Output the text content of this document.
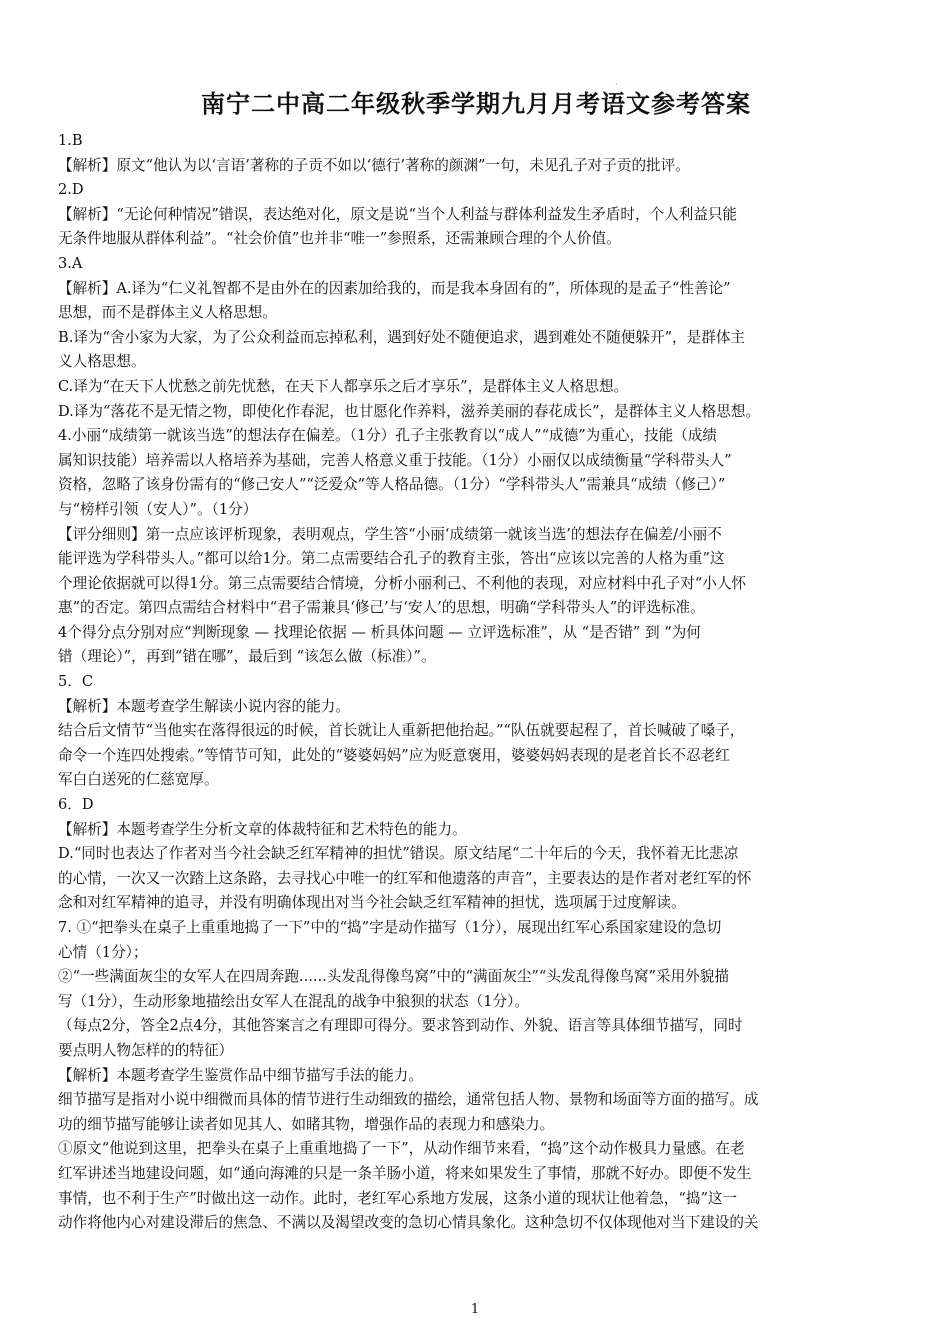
·
南宁二中高二年级秋季学期九月月考语文参考答案
1.B
【解析】原文“他认为以‘言语’著称的子贡不如以‘德行’著称的颜渊”一句，未见孔子对子贡的批评。
2.D
【解析】“无论何种情况”错误，表达绝对化，原文是说“当个人利益与群体利益发生矛盾时，个人利益只能
无条件地服从群体利益”。“社会价值”也并非“唯一”参照系，还需兼顾合理的个人价值。
3.A
【解析】A.译为“仁义礼智都不是由外在的因素加给我的，而是我本身固有的”，所体现的是孟子“性善论”
思想，而不是群体主义人格思想。
B.译为“舍小家为大家，为了公众利益而忘掉私利，遇到好处不随便追求，遇到难处不随便躲开”，是群体主
义人格思想。
C.译为“在天下人忧愁之前先忧愁，在天下人都享乐之后才享乐”，是群体主义人格思想。
D.译为“落花不是无情之物，即使化作春泥，也甘愿化作养料，滋养美丽的春花成长”，是群体主义人格思想。
4.小丽“成绩第一就该当选”的想法存在偏差。（1分）孔子主张教育以“成人”“成德”为重心，技能（成绩
属知识技能）培养需以人格培养为基础，完善人格意义重于技能。（1分）小丽仅以成绩衡量“学科带头人”
资格，忽略了该身份需有的“修己安人”“泛爱众”等人格品德。（1分）“学科带头人”需兼具“成绩（修己）”
与“榜样引领（安人）”。（1分）
【评分细则】第一点应该评析现象，表明观点，学生答“小丽‘成绩第一就该当选’的想法存在偏差/小丽不
能评选为学科带头人。”都可以给1分。第二点需要结合孔子的教育主张，答出“应该以完善的人格为重”这
个理论依据就可以得1分。第三点需要结合情境，分析小丽利己、不利他的表现，对应材料中孔子对“小人怀
惠”的否定。第四点需结合材料中“君子需兼具‘修己’与‘安人’的思想，明确“学科带头人”的评选标准。
4个得分点分别对应“判断现象 — 找理论依据 — 析具体问题 — 立评选标准”，从 “是否错” 到 “为何
错（理论）”，再到“错在哪”，最后到 “该怎么做（标准）”。
5．C
【解析】本题考查学生解读小说内容的能力。
结合后文情节“当他实在落得很远的时候，首长就让人重新把他抬起。”“队伍就要起程了，首长喊破了嗓子，
命令一个连四处搜索。”等情节可知，此处的“婆婆妈妈”应为贬意褒用，婆婆妈妈表现的是老首长不忍老红
军白白送死的仁慈宽厚。
6．D
【解析】本题考查学生分析文章的体裁特征和艺术特色的能力。
D.“同时也表达了作者对当今社会缺乏红军精神的担忧”错误。原文结尾“二十年后的今天，我怀着无比悲凉
的心情，一次又一次踏上这条路，去寻找心中唯一的红军和他遗落的声音”，主要表达的是作者对老红军的怀
念和对红军精神的追寻，并没有明确体现出对当今社会缺乏红军精神的担忧，选项属于过度解读。
7. ①“把拳头在桌子上重重地捣了一下”中的“捣”字是动作描写（1分），展现出红军心系国家建设的急切
心情（1分）；
②“一些满面灰尘的女军人在四周奔跑......头发乱得像鸟窝”中的“满面灰尘”“头发乱得像鸟窝”采用外貌描
写（1分），生动形象地描绘出女军人在混乱的战争中狼狈的状态（1分）。
（每点2分，答全2点4分，其他答案言之有理即可得分。要求答到动作、外貌、语言等具体细节描写，同时
要点明人物怎样的的特征）
【解析】本题考查学生鉴赏作品中细节描写手法的能力。
细节描写是指对小说中细微而具体的情节进行生动细致的描绘，通常包括人物、景物和场面等方面的描写。成
功的细节描写能够让读者如见其人、如睹其物，增强作品的表现力和感染力。
①原文“他说到这里，把拳头在桌子上重重地捣了一下”，从动作细节来看，“捣”这个动作极具力量感。在老
红军讲述当地建设问题，如“通向海滩的只是一条羊肠小道，将来如果发生了事情，那就不好办。即便不发生
事情，也不利于生产”时做出这一动作。此时，老红军心系地方发展，这条小道的现状让他着急，“捣”这一
动作将他内心对建设滞后的焦急、不满以及渴望改变的急切心情具象化。这种急切不仅体现他对当下建设的关
1
